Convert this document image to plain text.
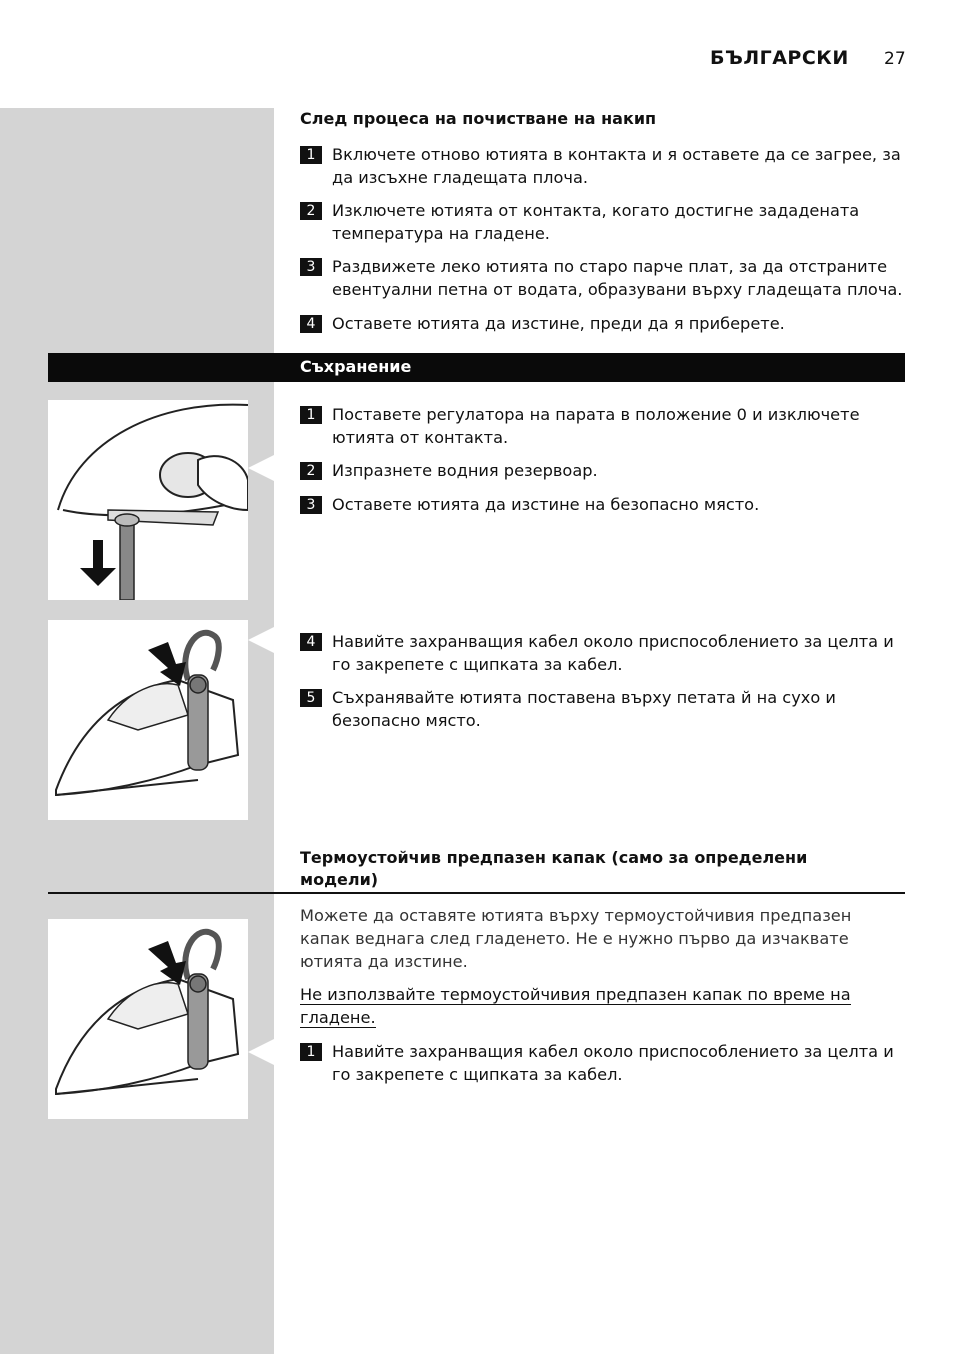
БЪЛГАРСКИ 27
След процеса на почистване на накип
1	Включете отново ютията в контакта и я оставете да се загрее, за да изсъхне гладещата плоча.
2	Изключете ютията от контакта, когато достигне зададената температура на гладене.
3	Раздвижете леко ютията по старо парче плат, за да отстраните евентуални петна от водата, образувани върху гладещата плоча.
4	Оставете ютията да изстине, преди да я приберете.
Съхранение
1	Поставете регулатора на парата в положение 0 и изключете ютията от контакта.
2	Изпразнете водния резервоар.
3	Оставете ютията да изстине на безопасно място.
4	Навийте захранващия кабел около приспособлението за целта и го закрепете с щипката за кабел.
5	Съхранявайте ютията поставена върху петата й на сухо и безопасно място.
Термоустойчив предпазен капак (само за определени модели)
Можете да оставяте ютията върху термоустойчивия предпазен капак веднага след гладенето. Не е нужно първо да изчаквате ютията да изстине.
Не използвайте термоустойчивия предпазен капак по време на гладене.
1	Навийте захранващия кабел около приспособлението за целта и го закрепете с щипката за кабел.
